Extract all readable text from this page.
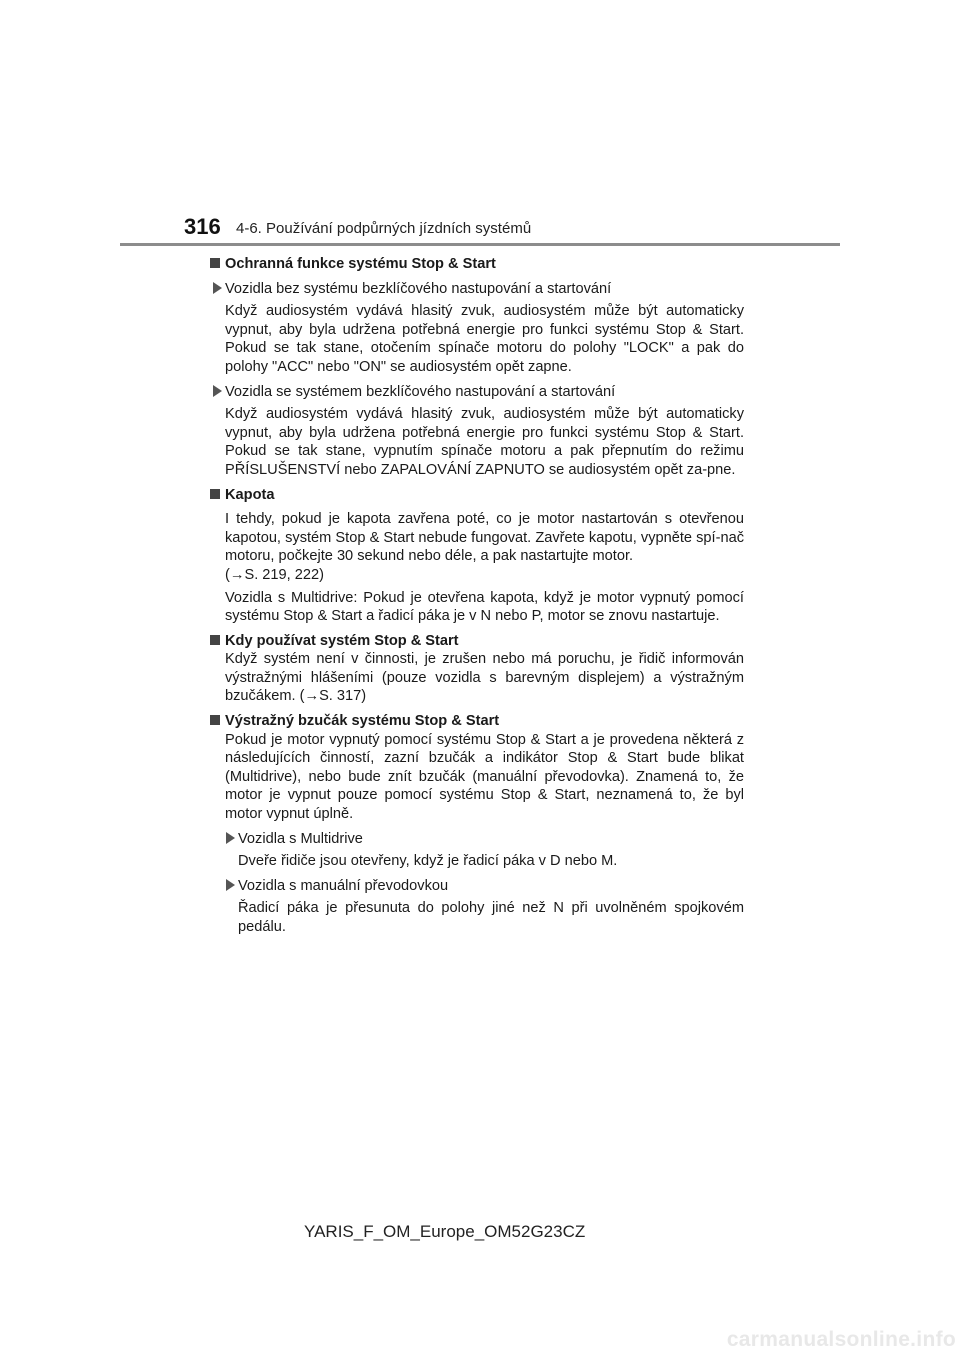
316 4-6. Používání podpůrných jízdních systémů
Ochranná funkce systému Stop & Start
Vozidla bez systému bezklíčového nastupování a startování

Když audiosystém vydává hlasitý zvuk, audiosystém může být automaticky vypnut, aby byla udržena potřebná energie pro funkci systému Stop & Start. Pokud se tak stane, otočením spínače motoru do polohy "LOCK" a pak do polohy "ACC" nebo "ON" se audiosystém opět zapne.

Vozidla se systémem bezklíčového nastupování a startování

Když audiosystém vydává hlasitý zvuk, audiosystém může být automaticky vypnut, aby byla udržena potřebná energie pro funkci systému Stop & Start. Pokud se tak stane, vypnutím spínače motoru a pak přepnutím do režimu PŘÍSLUŠENSTVÍ nebo ZAPALOVÁNÍ ZAPNUTO se audiosystém opět za-pne.

Kapota

I tehdy, pokud je kapota zavřena poté, co je motor nastartován s otevřenou kapotou, systém Stop & Start nebude fungovat. Zavřete kapotu, vypněte spí-nač motoru, počkejte 30 sekund nebo déle, a pak nastartujte motor.

(→S. 219, 222)

Vozidla s Multidrive: Pokud je otevřena kapota, když je motor vypnutý pomocí systému Stop & Start a řadicí páka je v N nebo P, motor se znovu nastartuje.

Kdy používat systém Stop & Start

Když systém není v činnosti, je zrušen nebo má poruchu, je řidič informován výstražnými hlášeními (pouze vozidla s barevným displejem) a výstražným bzučákem. (→S. 317)

Výstražný bzučák systému Stop & Start

Pokud je motor vypnutý pomocí systému Stop & Start a je provedena některá z následujících činností, zazní bzučák a indikátor Stop & Start bude blikat (Multidrive), nebo bude znít bzučák (manuální převodovka). Znamená to, že motor je vypnut pouze pomocí systému Stop & Start, neznamená to, že byl motor vypnut úplně.

Vozidla s Multidrive

Dveře řidiče jsou otevřeny, když je řadicí páka v D nebo M.

Vozidla s manuální převodovkou

Řadicí páka je přesunuta do polohy jiné než N při uvolněném spojkovém pedálu.

YARIS_F_OM_Europe_OM52G23CZ
carmanualsonline.info
